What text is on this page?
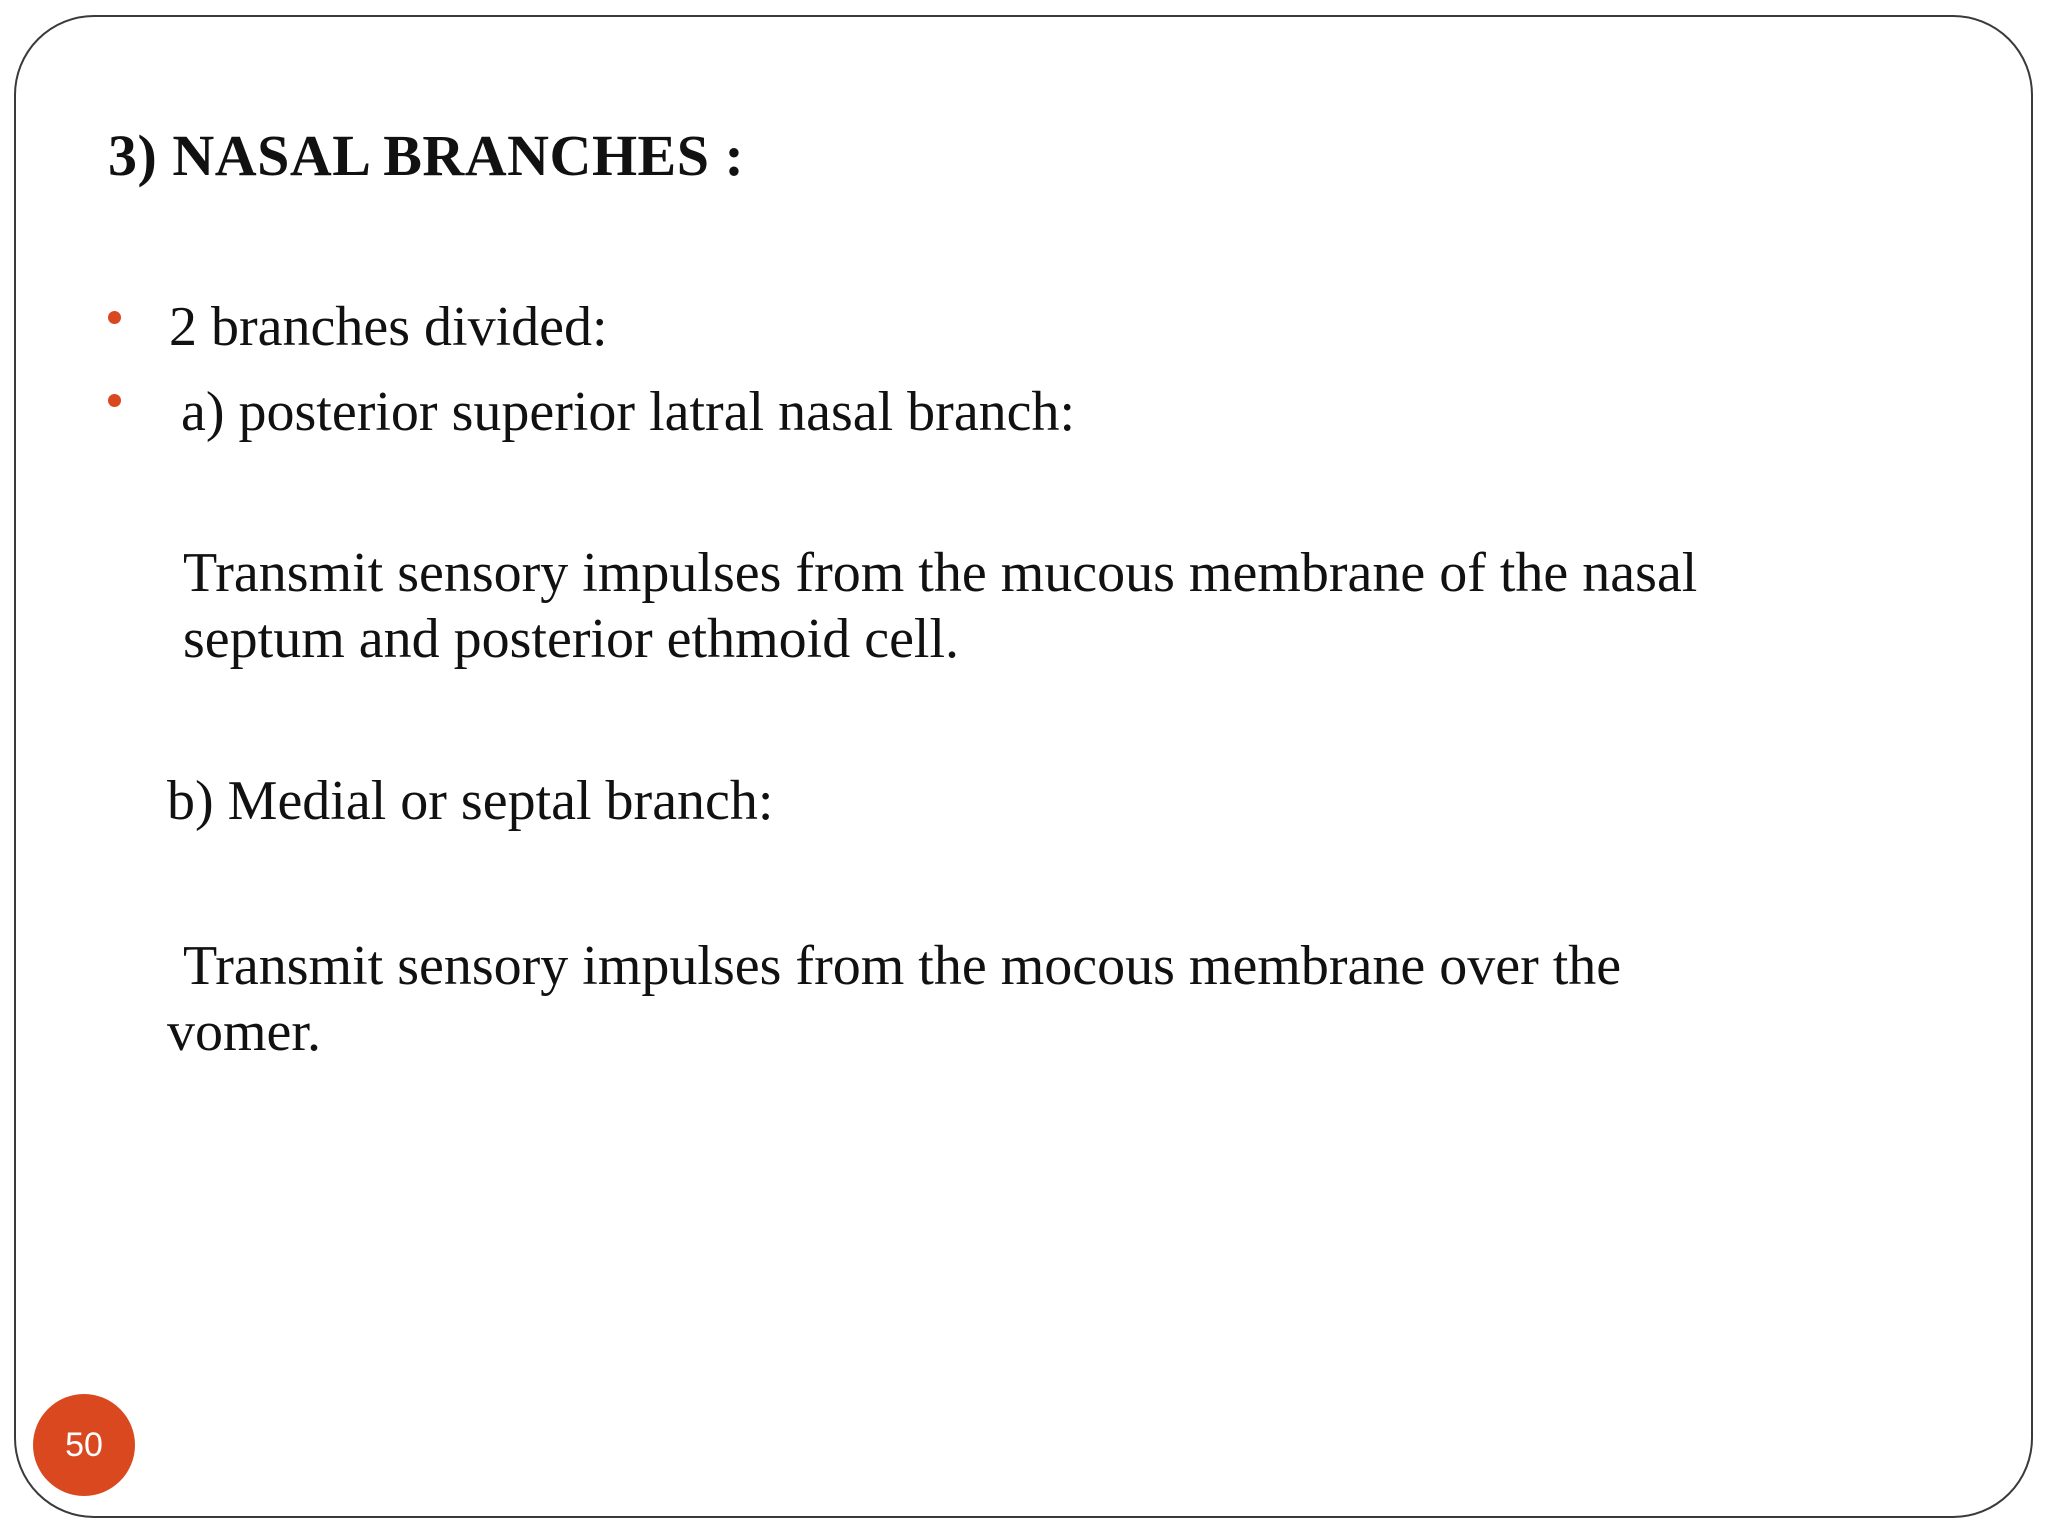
3) NASAL BRANCHES :
2 branches divided:
a) posterior superior latral nasal branch:
Transmit sensory impulses from the mucous membrane of the nasal
septum and posterior ethmoid cell.
b) Medial or septal branch:
Transmit sensory impulses from the mocous membrane over the
vomer.
50
